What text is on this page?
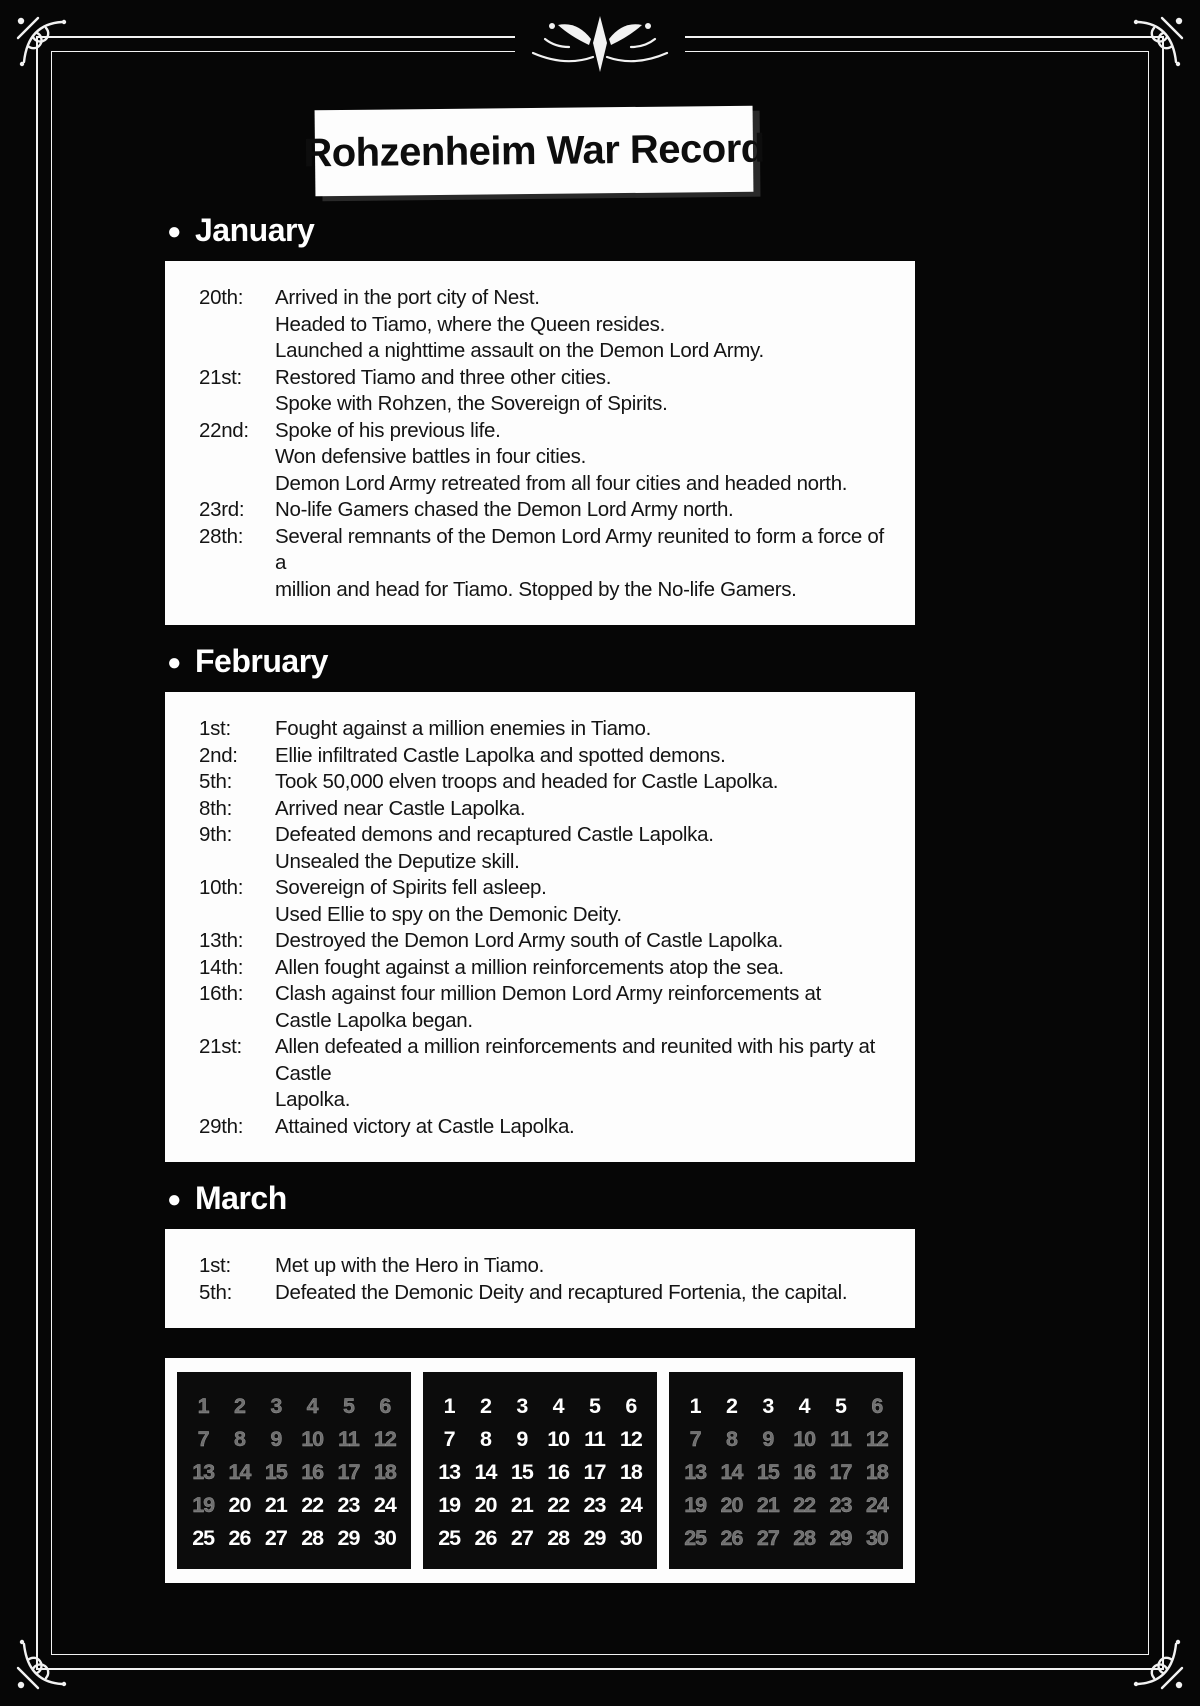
Rohzenheim War Record
● January
20th:	Arrived in the port city of Nest.
Headed to Tiamo, where the Queen resides.
Launched a nighttime assault on the Demon Lord Army.
21st:	Restored Tiamo and three other cities.
Spoke with Rohzen, the Sovereign of Spirits.
22nd:	Spoke of his previous life.
Won defensive battles in four cities.
Demon Lord Army retreated from all four cities and headed north.
23rd:	No-life Gamers chased the Demon Lord Army north.
28th:	Several remnants of the Demon Lord Army reunited to form a force of a
million and head for Tiamo. Stopped by the No-life Gamers.
● February
1st:	Fought against a million enemies in Tiamo.
2nd:	Ellie infiltrated Castle Lapolka and spotted demons.
5th:	Took 50,000 elven troops and headed for Castle Lapolka.
8th:	Arrived near Castle Lapolka.
9th:	Defeated demons and recaptured Castle Lapolka.
Unsealed the Deputize skill.
10th:	Sovereign of Spirits fell asleep.
Used Ellie to spy on the Demonic Deity.
13th:	Destroyed the Demon Lord Army south of Castle Lapolka.
14th:	Allen fought against a million reinforcements atop the sea.
16th:	Clash against four million Demon Lord Army reinforcements at
Castle Lapolka began.
21st:	Allen defeated a million reinforcements and reunited with his party at Castle
Lapolka.
29th:	Attained victory at Castle Lapolka.
● March
1st:	Met up with the Hero in Tiamo.
5th:	Defeated the Demonic Deity and recaptured Fortenia, the capital.
1	2	3	4	5	6
7	8	9 10 11 12
13 14 15 16 17 18
19 20 21 22 23 24
25 26 27 28 29 30
1	2	3	4	5	6
7	8	9 10 11 12
13 14 15 16 17 18
19 20 21 22 23 24
25 26 27 28 29 30
1	2	3	4	5	6
7	8	9 10 11 12
13 14 15 16 17 18
19 20 21 22 23 24
25 26 27 28 29 30
